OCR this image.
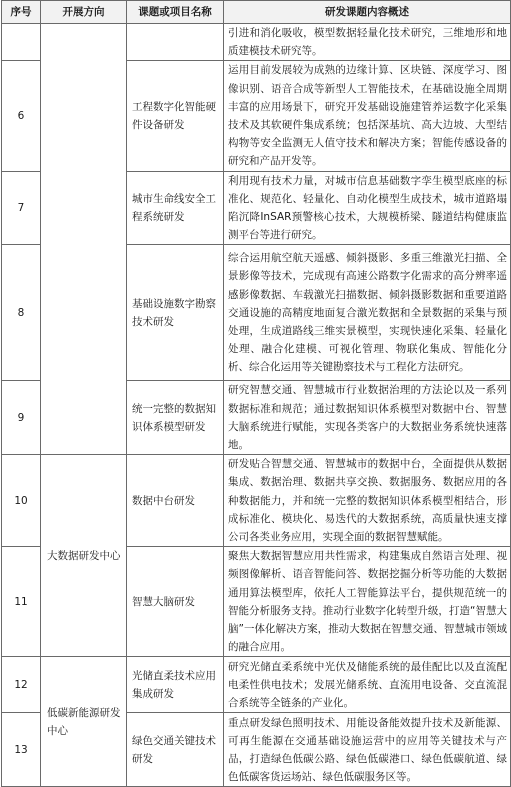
序号	开展方向	课题或项目名称	研发课题内容概述
			引进和消化吸收，模型数据轻量化技术研究，三维地形和地质建模技术研究等。
6		工程数字化智能硬件设备研发	运用目前发展较为成熟的边缘计算、区块链、深度学习、图像识别、语音合成等新型人工智能技术，在基础设施全周期丰富的应用场景下，研究开发基础设施建管养运数字化采集技术及其软硬件集成系统；包括深基坑、高大边坡、大型结构物等安全监测无人值守技术和解决方案；智能传感设备的研究和产品开发等。
7		城市生命线安全工程系统研发	利用现有技术力量，对城市信息基础数字孪生模型底座的标准化、规范化、轻量化、自动化模型生成技术，城市道路塌陷沉降InSAR预警核心技术，大规模桥梁、隧道结构健康监测平台等进行研究。
8		基础设施数字勘察技术研发	综合运用航空航天遥感、倾斜摄影、多重三维激光扫描、全景影像等技术，完成现有高速公路数字化需求的高分辨率遥感影像数据、车载激光扫描数据、倾斜摄影数据和重要道路交通设施的高精度地面复合激光数据和全景数据的采集与预处理，生成道路线三维实景模型，实现快速化采集、轻量化处理、融合化建模、可视化管理、物联化集成、智能化分析、综合化运用等关键勘察技术与工程化方法研究。
9		统一完整的数据知识体系模型研发	研究智慧交通、智慧城市行业数据治理的方法论以及一系列数据标准和规范；通过数据知识体系模型对数据中台、智慧大脑系统进行赋能，实现各类客户的大数据业务系统快速落地。
10	大数据研发中心	数据中台研发	研发贴合智慧交通、智慧城市的数据中台，全面提供从数据集成、数据治理、数据共享交换、数据服务、数据应用的各种数据能力，并和统一完整的数据知识体系模型相结合，形成标准化、模块化、易迭代的大数据系统，高质量快速支撑公司各类业务应用，实现全面的数据智慧赋能。
11		智慧大脑研发	聚焦大数据智慧应用共性需求，构建集成自然语言处理、视频图像解析、语音智能问答、数据挖掘分析等功能的大数据通用算法模型库，依托人工智能算法平台，提供规范统一的智能分析服务支持。推动行业数字化转型升级，打造“智慧大脑”一体化解决方案，推动大数据在智慧交通、智慧城市领域的融合应用。
12	低碳新能源研发中心	光储直柔技术应用集成研发	研究光储直柔系统中光伏及储能系统的最佳配比以及直流配电柔性供电技术；发展光储系统、直流用电设备、交直流混合系统等全链条的产业化。
13		绿色交通关键技术研发	重点研发绿色照明技术、用能设备能效提升技术及新能源、可再生能源在交通基础设施运营中的应用等关键技术与产品，打造绿色低碳公路、绿色低碳港口、绿色低碳航道、绿色低碳客货运场站、绿色低碳服务区等。
